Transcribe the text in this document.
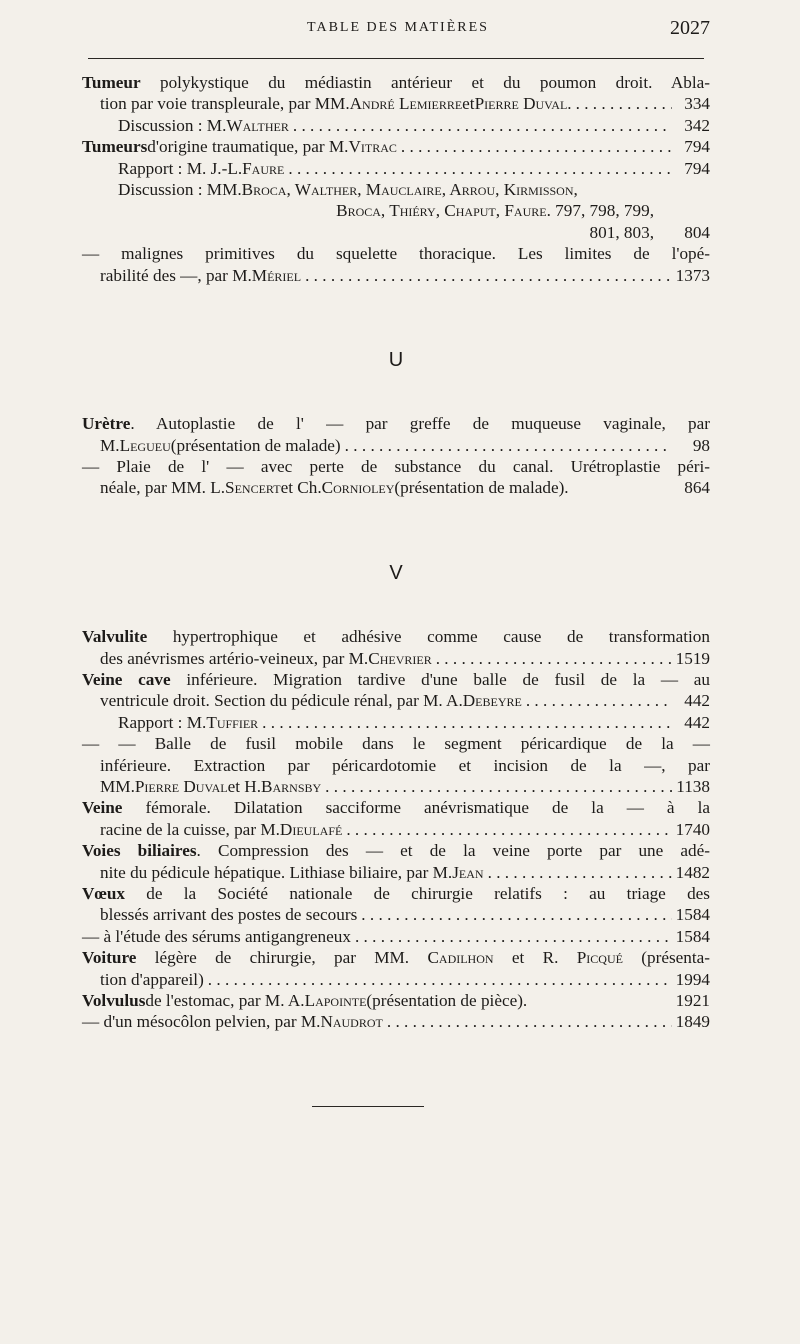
TABLE DES MATIÈRES	2027
Tumeur polykystique du médiastin antérieur et du poumon droit. Abla-
tion par voie transpleurale, par MM. André Lemierre et Pierre Duval . . . .	334
Discussion : M. Walther . . .	342
Tumeurs d'origine traumatique, par M. Vitrac . . .	794
Rapport : M. J.-L. Faure . . .	794
Discussion : MM. Broca, Walther, Mauclaire, Arrou, Kirmisson,
Broca, Thiéry, Chaput, Faure . 797, 798, 799,
801, 803,	804
— malignes primitives du squelette thoracique. Les limites de l'opé-
rabilité des —, par M. Mériel . . .	1373
U
Urètre. Autoplastie de l' — par greffe de muqueuse vaginale, par
M. Legueu (présentation de malade) . . .	98
— Plaie de l' — avec perte de substance du canal. Urétroplastie péri-
néale, par MM. L. Sencert et Ch. Cornioley (présentation de malade).	864
V
Valvulite hypertrophique et adhésive comme cause de transformation
des anévrismes artério-veineux, par M. Chevrier . . .	1519
Veine cave inférieure. Migration tardive d'une balle de fusil de la — au
ventricule droit. Section du pédicule rénal, par M. A. Debeyre . . .	442
Rapport : M. Tuffier . . .	442
— — Balle de fusil mobile dans le segment péricardique de la —
inférieure. Extraction par péricardotomie et incision de la —, par
MM. Pierre Duval et H. Barnsby . . .	1138
Veine fémorale. Dilatation sacciforme anévrismatique de la — à la
racine de la cuisse, par M. Dieulafé . . .	1740
Voies biliaires. Compression des — et de la veine porte par une adé-
nite du pédicule hépatique. Lithiase biliaire, par M. Jean . . .	1482
Vœux de la Société nationale de chirurgie relatifs : au triage des
blessés arrivant des postes de secours . . .	1584
— à l'étude des sérums antigangreneux . . .	1584
Voiture légère de chirurgie, par MM. Cadilhon et R. Picqué (présenta-
tion d'appareil) . . .	1994
Volvulus de l'estomac, par M. A. Lapointe (présentation de pièce).	1921
— d'un mésocôlon pelvien, par M. Naudrot . . .	1849
